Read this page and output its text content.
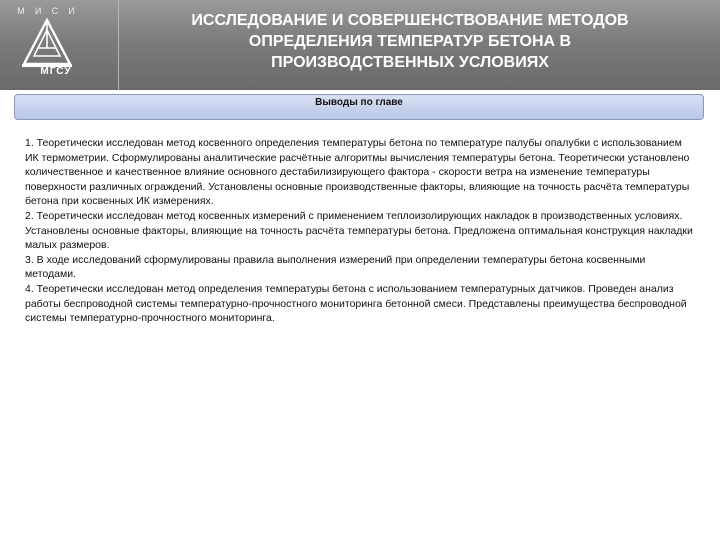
М И С И
МГСУ
ИССЛЕДОВАНИЕ И СОВЕРШЕНСТВОВАНИЕ МЕТОДОВ
ОПРЕДЕЛЕНИЯ ТЕМПЕРАТУР БЕТОНА В
ПРОИЗВОДСТВЕННЫХ УСЛОВИЯХ
Выводы по главе

1. Теоретически исследован метод косвенного определения температуры бетона по температуре палубы опалубки с использованием ИК термометрии. Сформулированы аналитические расчётные алгоритмы вычисления температуры бетона. Теоретически установлено количественное и качественное влияние основного дестабилизирующего фактора - скорости ветра на изменение температуры поверхности различных ограждений. Установлены основные производственные факторы, влияющие на точность расчёта температуры бетона при косвенных ИК измерениях.

2. Теоретически исследован метод косвенных измерений с применением теплоизолирующих накладок в производственных условиях. Установлены основные факторы, влияющие на точность расчёта температуры бетона. Предложена оптимальная конструкция накладки малых размеров.

3. В ходе исследований сформулированы правила выполнения измерений при определении температуры бетона косвенными методами.

4. Теоретически исследован метод определения температуры бетона с использованием температурных датчиков. Проведен анализ работы беспроводной системы температурно-прочностного мониторинга бетонной смеси. Представлены преимущества беспроводной системы температурно-прочностного мониторинга.
